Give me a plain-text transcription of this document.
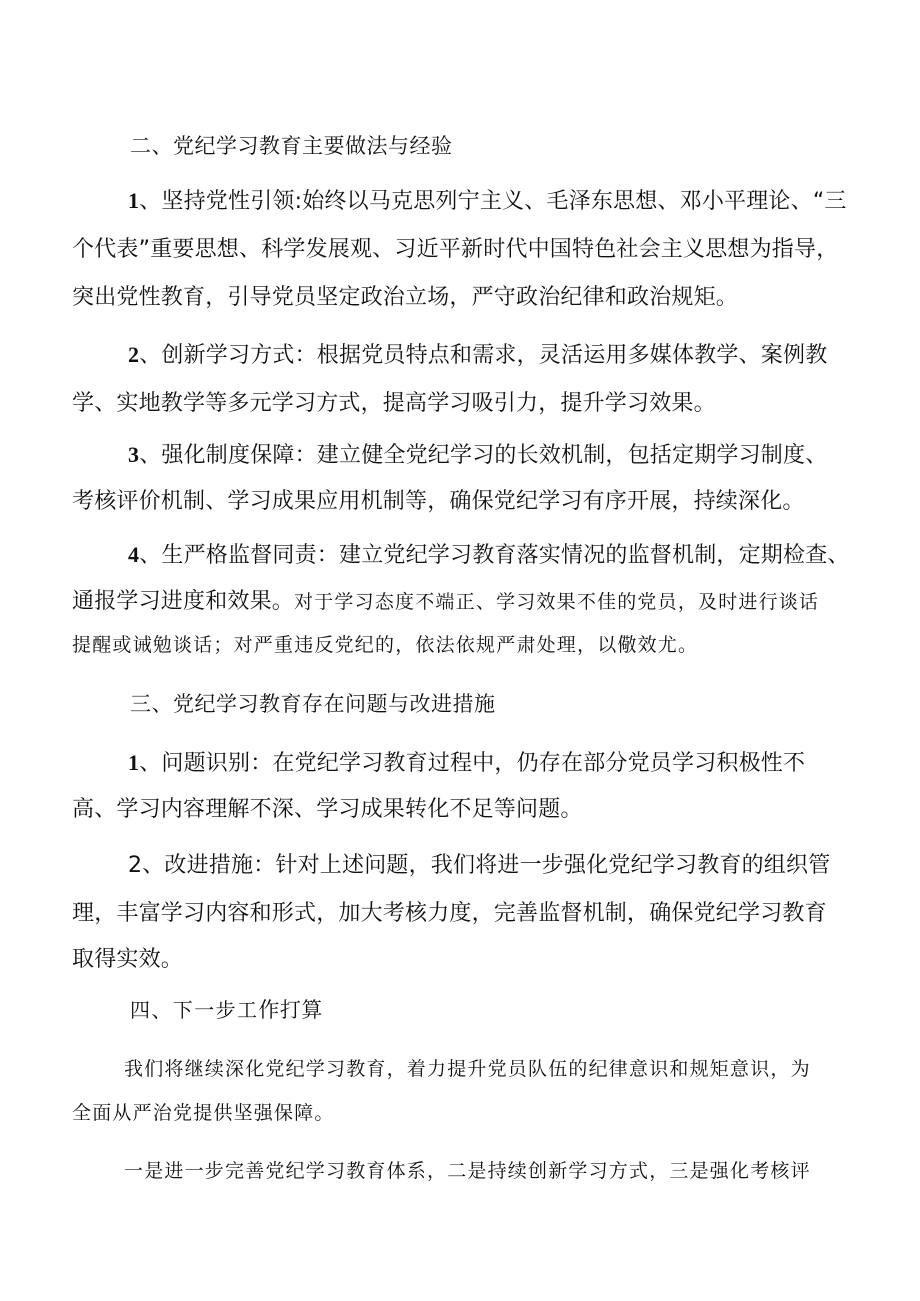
二、党纪学习教育主要做法与经验

1、坚持党性引领:始终以马克思列宁主义、毛泽东思想、邓小平理论、“三

个代表”重要思想、科学发展观、习近平新时代中国特色社会主义思想为指导，

突出党性教育，引导党员坚定政治立场，严守政治纪律和政治规矩。

2、创新学习方式：根据党员特点和需求，灵活运用多媒体教学、案例教

学、实地教学等多元学习方式，提高学习吸引力，提升学习效果。

3、强化制度保障：建立健全党纪学习的长效机制，包括定期学习制度、

考核评价机制、学习成果应用机制等，确保党纪学习有序开展，持续深化。

4、生严格监督同责：建立党纪学习教育落实情况的监督机制，定期检查、

通报学习进度和效果。对于学习态度不端正、学习效果不佳的党员，及时进行谈话

提醒或诫勉谈话；对严重违反党纪的，依法依规严肃处理，以儆效尤。

三、党纪学习教育存在问题与改进措施

1、问题识别：在党纪学习教育过程中，仍存在部分党员学习积极性不

高、学习内容理解不深、学习成果转化不足等问题。

2、改进措施：针对上述问题，我们将进一步强化党纪学习教育的组织管

理，丰富学习内容和形式，加大考核力度，完善监督机制，确保党纪学习教育

取得实效。

四、下一步工作打算

我们将继续深化党纪学习教育，着力提升党员队伍的纪律意识和规矩意识，为

全面从严治党提供坚强保障。

一是进一步完善党纪学习教育体系，二是持续创新学习方式，三是强化考核评
